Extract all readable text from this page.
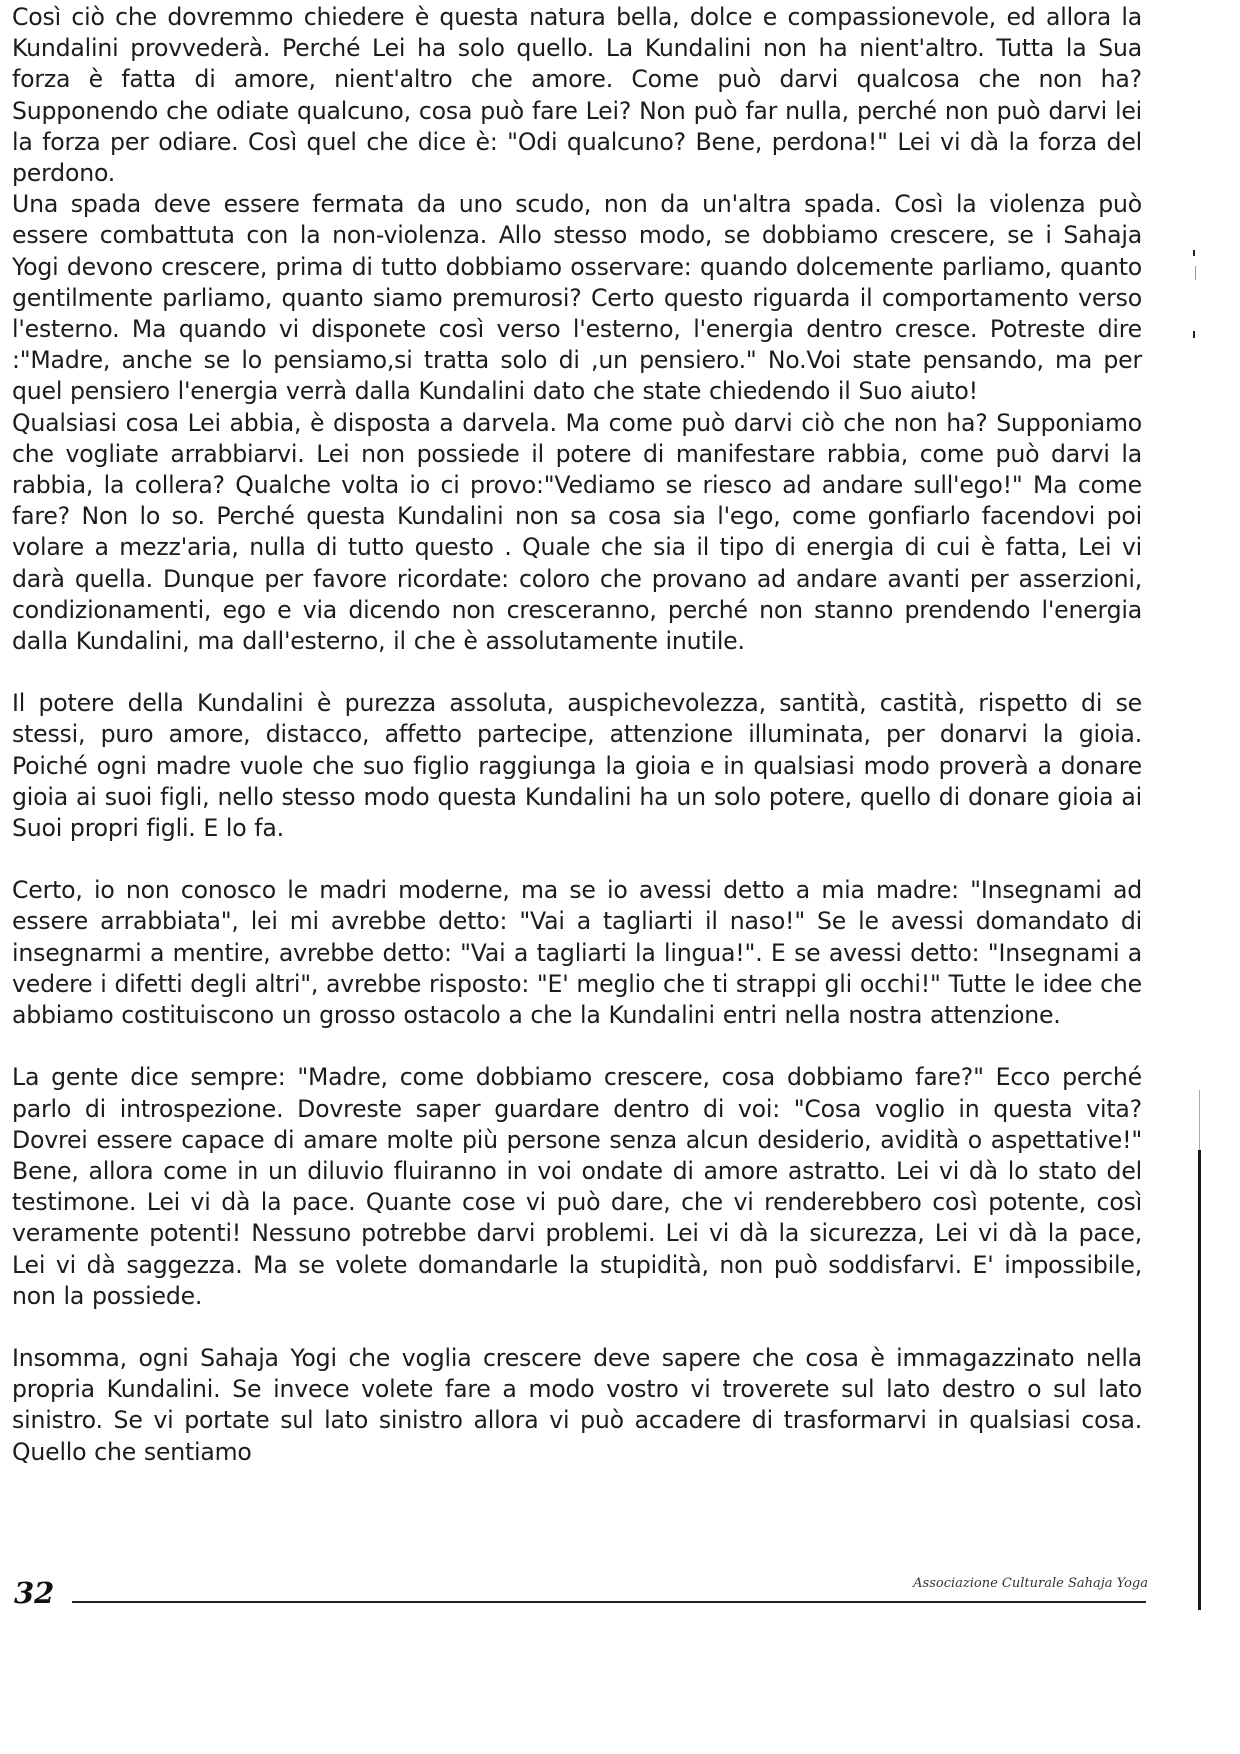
Così ciò che dovremmo chiedere è questa natura bella, dolce e compassionevole, ed allora la Kundalini provvederà. Perché Lei ha solo quello. La Kundalini non ha nient'altro. Tutta la Sua forza è fatta di amore, nient'altro che amore. Come può darvi qualcosa che non ha? Supponendo che odiate qualcuno, cosa può fare Lei? Non può far nulla, perché non può darvi lei la forza per odiare. Così quel che dice è: "Odi qualcuno? Bene, perdona!" Lei vi dà la forza del perdono.

Una spada deve essere fermata da uno scudo, non da un'altra spada. Così la violenza può essere combattuta con la non-violenza. Allo stesso modo, se dobbiamo crescere, se i Sahaja Yogi devono crescere, prima di tutto dobbiamo osservare: quando dolcemente parliamo, quanto gentilmente parliamo, quanto siamo premurosi? Certo questo riguarda il comportamento verso l'esterno. Ma quando vi disponete così verso l'esterno, l'energia dentro cresce. Potreste dire :"Madre, anche se lo pensiamo,si tratta solo di ,un pensiero." No.Voi state pensando, ma per quel pensiero l'energia verrà dalla Kundalini dato che state chiedendo il Suo aiuto!

Qualsiasi cosa Lei abbia, è disposta a darvela. Ma come può darvi ciò che non ha? Supponiamo che vogliate arrabbiarvi. Lei non possiede il potere di manifestare rabbia, come può darvi la rabbia, la collera? Qualche volta io ci provo:"Vediamo se riesco ad andare sull'ego!" Ma come fare? Non lo so. Perché questa Kundalini non sa cosa sia l'ego, come gonfiarlo facendovi poi volare a mezz'aria, nulla di tutto questo . Quale che sia il tipo di energia di cui è fatta, Lei vi darà quella. Dunque per favore ricordate: coloro che provano ad andare avanti per asserzioni, condizionamenti, ego e via dicendo non cresceranno, perché non stanno prendendo l'energia dalla Kundalini, ma dall'esterno, il che è assolutamente inutile.

Il potere della Kundalini è purezza assoluta, auspichevolezza, santità, castità, rispetto di se stessi, puro amore, distacco, affetto partecipe, attenzione illuminata, per donarvi la gioia. Poiché ogni madre vuole che suo figlio raggiunga la gioia e in qualsiasi modo proverà a donare gioia ai suoi figli, nello stesso modo questa Kundalini ha un solo potere, quello di donare gioia ai Suoi propri figli. E lo fa.

Certo, io non conosco le madri moderne, ma se io avessi detto a mia madre: "Insegnami ad essere arrabbiata", lei mi avrebbe detto: "Vai a tagliarti il naso!" Se le avessi domandato di insegnarmi a mentire, avrebbe detto: "Vai a tagliarti la lingua!". E se avessi detto: "Insegnami a vedere i difetti degli altri", avrebbe risposto: "E' meglio che ti strappi gli occhi!" Tutte le idee che abbiamo costituiscono un grosso ostacolo a che la Kundalini entri nella nostra attenzione.

La gente dice sempre: "Madre, come dobbiamo crescere, cosa dobbiamo fare?" Ecco perché parlo di introspezione. Dovreste saper guardare dentro di voi: "Cosa voglio in questa vita? Dovrei essere capace di amare molte più persone senza alcun desiderio, avidità o aspettative!" Bene, allora come in un diluvio fluiranno in voi ondate di amore astratto. Lei vi dà lo stato del testimone. Lei vi dà la pace. Quante cose vi può dare, che vi renderebbero così potente, così veramente potenti! Nessuno potrebbe darvi problemi. Lei vi dà la sicurezza, Lei vi dà la pace, Lei vi dà saggezza. Ma se volete domandarle la stupidità, non può soddisfarvi. E' impossibile, non la possiede.

Insomma, ogni Sahaja Yogi che voglia crescere deve sapere che cosa è immagazzinato nella propria Kundalini. Se invece volete fare a modo vostro vi troverete sul lato destro o sul lato sinistro. Se vi portate sul lato sinistro allora vi può accadere di trasformarvi in qualsiasi cosa. Quello che sentiamo

32	Associazione Culturale Sahaja Yoga
